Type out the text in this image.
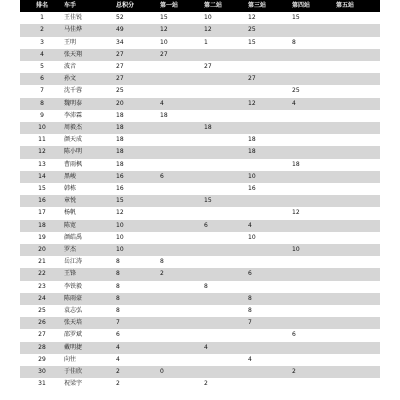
排名	车手	总积分	第一站	第二站	第三站	第四站	第五站
1	王佳锐	52	15	10	12	15	
2	马佳烨	49	12	12	25		
3	王明	34	10	1	15	8	
4	张天翔	27	27				
5	波音	27		27			
6	孙文	27			27		
7	沈千蓉	25				25	
8	魏明泰	20	4		12	4	
9	李沛霖	18	18				
10	周毅杰	18		18			
11	颜天成	18			18		
12	陈小明	18			18		
13	曹雨枫	18				18	
14	黑峻	16	6		10		
15	韩栋	16			16		
16	章悦	15		15			
17	杨帆	12				12	
18	陈宽	10		6	4		
19	颜皓禹	10			10		
20	罗杰	10				10	
21	岳江涛	8	8				
22	王锋	8	2		6		
23	李铁毅	8		8			
24	陈雨豪	8			8		
25	袁志弘	8			8		
26	张天培	7			7		
27	邵罗斌	6				6	
28	戴明捷	4		4			
29	向往	4			4		
30	于佳欣	2	0			2	
31	祝梁宇	2		2			
